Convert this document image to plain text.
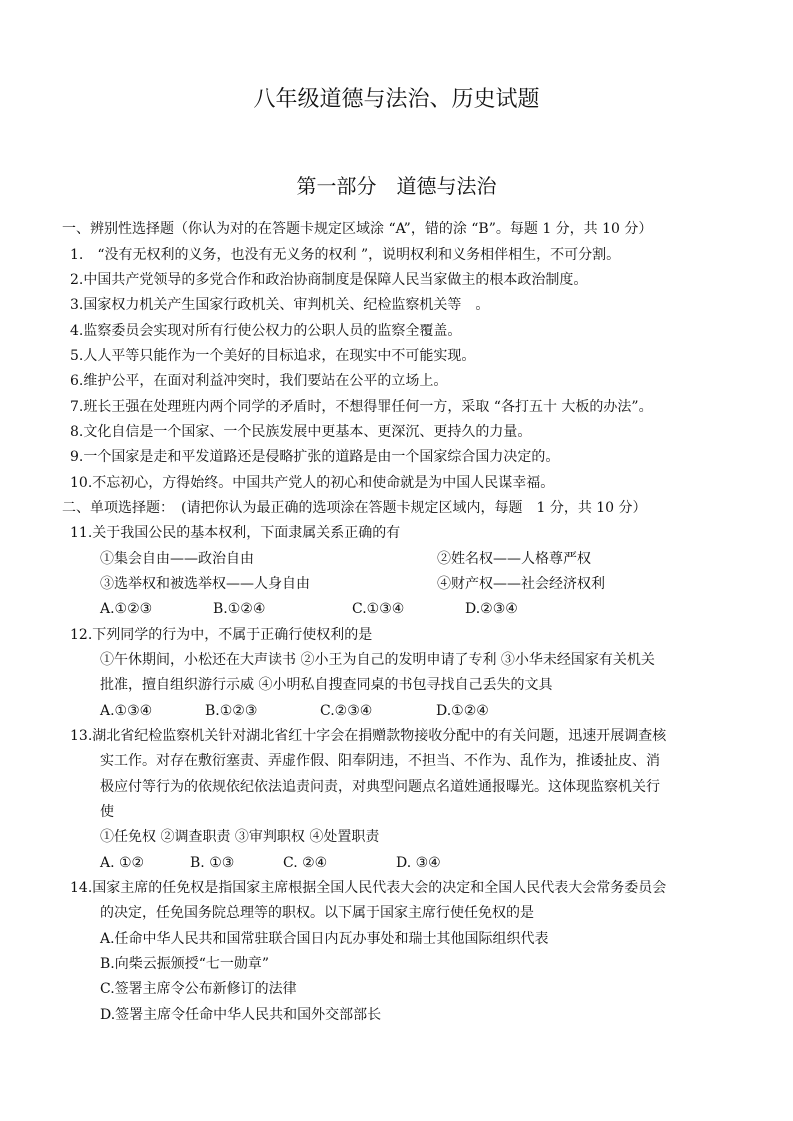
八年级道德与法治、历史试题
第一部分　道德与法治
一、辨别性选择题（你认为对的在答题卡规定区域涂 “A”，错的涂 “B”。每题 1 分，共 10 分）
1.　“没有无权利的义务，也没有无义务的权利 ”，说明权利和义务相伴相生，不可分割。
2.中国共产党领导的多党合作和政治协商制度是保障人民当家做主的根本政治制度。
3.国家权力机关产生国家行政机关、审判机关、纪检监察机关等　。
4.监察委员会实现对所有行使公权力的公职人员的监察全覆盖。
5.人人平等只能作为一个美好的目标追求，在现实中不可能实现。
6.维护公平，在面对利益冲突时，我们要站在公平的立场上。
7.班长王强在处理班内两个同学的矛盾时，不想得罪任何一方，采取 “各打五十 大板的办法”。
8.文化自信是一个国家、一个民族发展中更基本、更深沉、更持久的力量。
9.一个国家是走和平发道路还是侵略扩张的道路是由一个国家综合国力决定的。
10.不忘初心，方得始终。中国共产党人的初心和使命就是为中国人民谋幸福。
二、单项选择题：　(请把你认为最正确的选项涂在答题卡规定区域内，每题　1 分，共 10 分）
11.关于我国公民的基本权利，下面隶属关系正确的有
①集会自由——政治自由	②姓名权——人格尊严权
③选举权和被选举权——人身自由	④财产权——社会经济权利
A.①②③	B.①②④	C.①③④	D.②③④
12.下列同学的行为中，不属于正确行使权利的是
①午休期间，小松还在大声读书 ②小王为自己的发明申请了专利 ③小华未经国家有关机关
批准，擅自组织游行示威 ④小明私自搜查同桌的书包寻找自己丢失的文具
A.①③④	B.①②③	C.②③④	D.①②④
13.湖北省纪检监察机关针对湖北省红十字会在捐赠款物接收分配中的有关问题，迅速开展调查核
实工作。对存在敷衍塞责、弄虚作假、阳奉阴违，不担当、不作为、乱作为，推诿扯皮、消
极应付等行为的依规依纪依法追责问责，对典型问题点名道姓通报曝光。这体现监察机关行
使
①任免权 ②调查职责 ③审判职权 ④处置职责
A. ①②	B. ①③	C. ②④	D. ③④
14.国家主席的任免权是指国家主席根据全国人民代表大会的决定和全国人民代表大会常务委员会
的决定，任免国务院总理等的职权。以下属于国家主席行使任免权的是
A.任命中华人民共和国常驻联合国日内瓦办事处和瑞士其他国际组织代表
B.向柴云振颁授“七一勋章”
C.签署主席令公布新修订的法律
D.签署主席令任命中华人民共和国外交部部长
